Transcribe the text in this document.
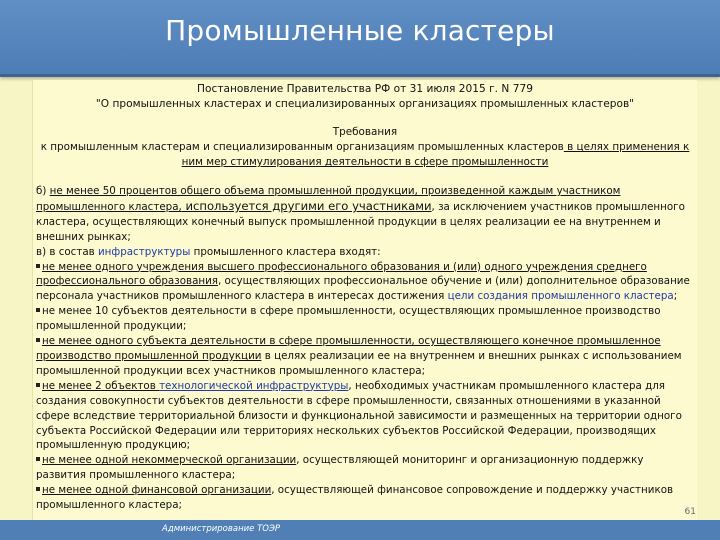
Промышленные кластеры

Постановление Правительства РФ от 31 июля 2015 г. N 779

"О промышленных кластерах и специализированных организациях промышленных кластеров"

Требования

к промышленным кластерам и специализированным организациям промышленных кластеров в целях применения к ним мер стимулирования деятельности в сфере промышленности

б) не менее 50 процентов общего объема промышленной продукции, произведенной каждым участником промышленного кластера, используется другими его участниками, за исключением участников промышленного кластера, осуществляющих конечный выпуск промышленной продукции в целях реализации ее на внутреннем и внешних рынках;

в) в состав инфраструктуры промышленного кластера входят:

не менее одного учреждения высшего профессионального образования и (или) одного учреждения среднего профессионального образования, осуществляющих профессиональное обучение и (или) дополнительное образование персонала участников промышленного кластера в интересах достижения цели создания промышленного кластера;

не менее 10 субъектов деятельности в сфере промышленности, осуществляющих промышленное производство промышленной продукции;

не менее одного субъекта деятельности в сфере промышленности, осуществляющего конечное промышленное производство промышленной продукции в целях реализации ее на внутреннем и внешних рынках с использованием промышленной продукции всех участников промышленного кластера;

не менее 2 объектов технологической инфраструктуры, необходимых участникам промышленного кластера для создания совокупности субъектов деятельности в сфере промышленности, связанных отношениями в указанной сфере вследствие территориальной близости и функциональной зависимости и размещенных на территории одного субъекта Российской Федерации или территориях нескольких субъектов Российской Федерации, производящих промышленную продукцию;

не менее одной некоммерческой организации, осуществляющей мониторинг и организационную поддержку развития промышленного кластера;

не менее одной финансовой организации, осуществляющей финансовое сопровождение и поддержку участников промышленного кластера;

61
Администрирование ТОЭР
